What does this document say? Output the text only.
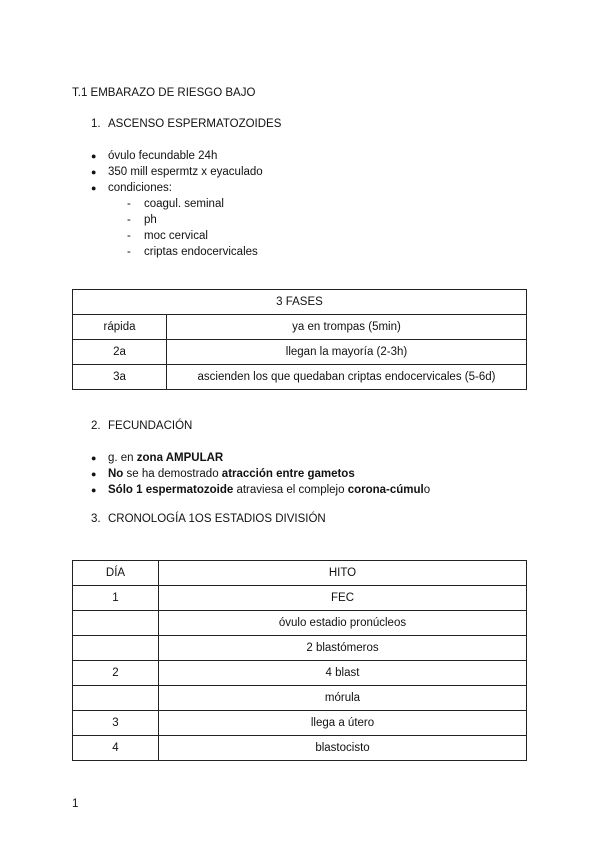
T.1 EMBARAZO DE RIESGO BAJO
1. ASCENSO ESPERMATOZOIDES
● óvulo fecundable 24h
● 350 mill espermtz x eyaculado
● condiciones:
- coagul. seminal
- ph
- moc cervical
- criptas endocervicales
3 FASES	
rápida	ya en trompas (5min)
2a	llegan la mayoría (2-3h)
3a	ascienden los que quedaban criptas endocervicales (5-6d)
2. FECUNDACIÓN
● g. en zona AMPULAR
● No se ha demostrado atracción entre gametos
● Sólo 1 espermatozoide atraviesa el complejo corona-cúmulo
3. CRONOLOGÍA 1OS ESTADIOS DIVISIÓN
DÍA	HITO
1	FEC
	óvulo estadio pronúcleos
	2 blastómeros
2	4 blast
	mórula
3	llega a útero
4	blastocisto
1
